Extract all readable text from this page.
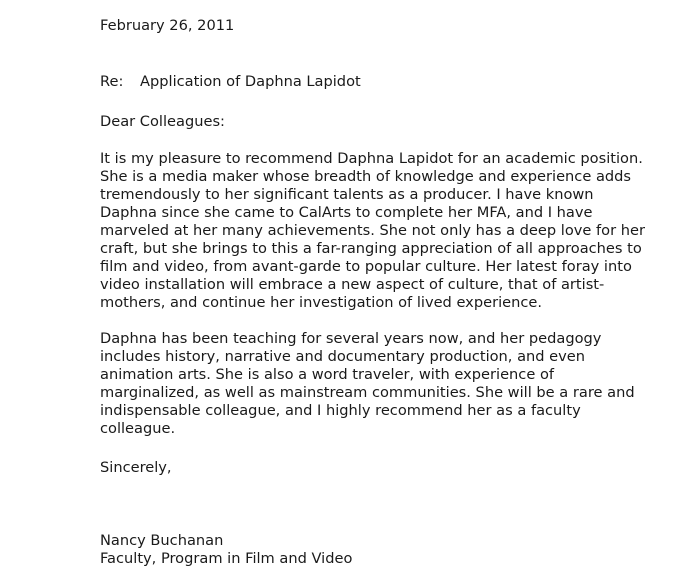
February 26, 2011
Re: Application of Daphna Lapidot
Dear Colleagues:
It is my pleasure to recommend Daphna Lapidot for an academic position.
She is a media maker whose breadth of knowledge and experience adds
tremendously to her significant talents as a producer. I have known
Daphna since she came to CalArts to complete her MFA, and I have
marveled at her many achievements. She not only has a deep love for her
craft, but she brings to this a far-ranging appreciation of all approaches to
film and video, from avant-garde to popular culture. Her latest foray into
video installation will embrace a new aspect of culture, that of artist-
mothers, and continue her investigation of lived experience.
Daphna has been teaching for several years now, and her pedagogy
includes history, narrative and documentary production, and even
animation arts. She is also a word traveler, with experience of
marginalized, as well as mainstream communities. She will be a rare and
indispensable colleague, and I highly recommend her as a faculty
colleague.
Sincerely,
Nancy Buchanan
Faculty, Program in Film and Video
